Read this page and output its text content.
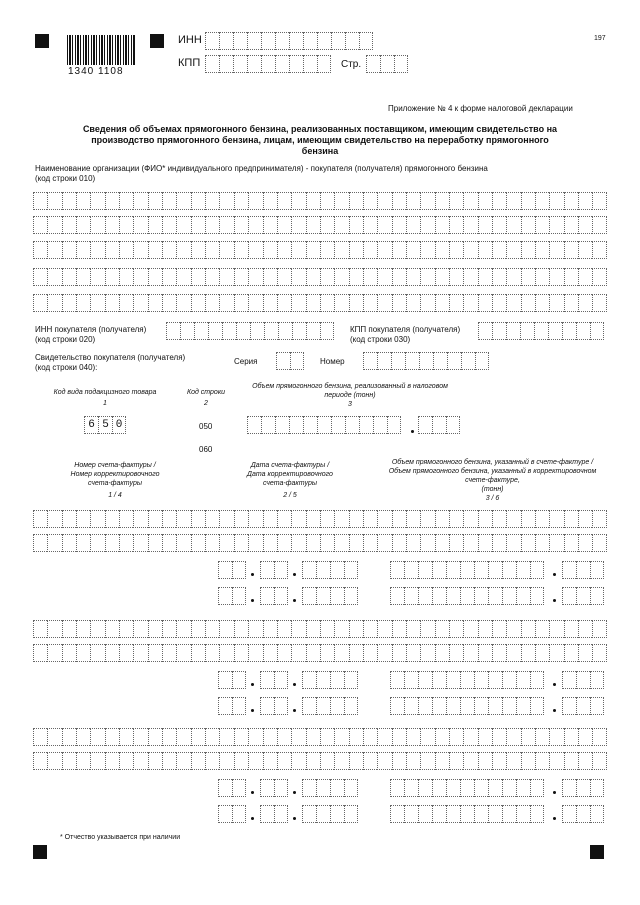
1340 1108
197
ИНН
КПП	Стр.
Приложение № 4 к форме налоговой декларации
Сведения об объемах прямогонного бензина, реализованных поставщиком, имеющим свидетельство на
производство прямогонного бензина, лицам, имеющим свидетельство на переработку прямогонного
бензина
Наименование организации (ФИО* индивидуального предпринимателя) - покупателя (получателя) прямогонного бензина
(код строки 010)
ИНН покупателя (получателя)
(код строки 020)
КПП покупателя (получателя)
(код строки 030)
Свидетельство покупателя (получателя)
(код строки 040):
Серия	Номер
Код вида подакцизного товара
1
Код строки
2
Объем прямогонного бензина, реализованный в налоговом
периоде (тонн)
3
6 5 0	050
060
Номер счета-фактуры /
Номер корректировочного
счета-фактуры
1 / 4
Дата счета-фактуры /
Дата корректировочного
счета-фактуры
2 / 5
Объем прямогонного бензина, указанный в счете-фактуре /
Объем прямогонного бензина, указанный в корректировочном
счете-фактуре,
(тонн)
3 / 6
* Отчество указывается при наличии
